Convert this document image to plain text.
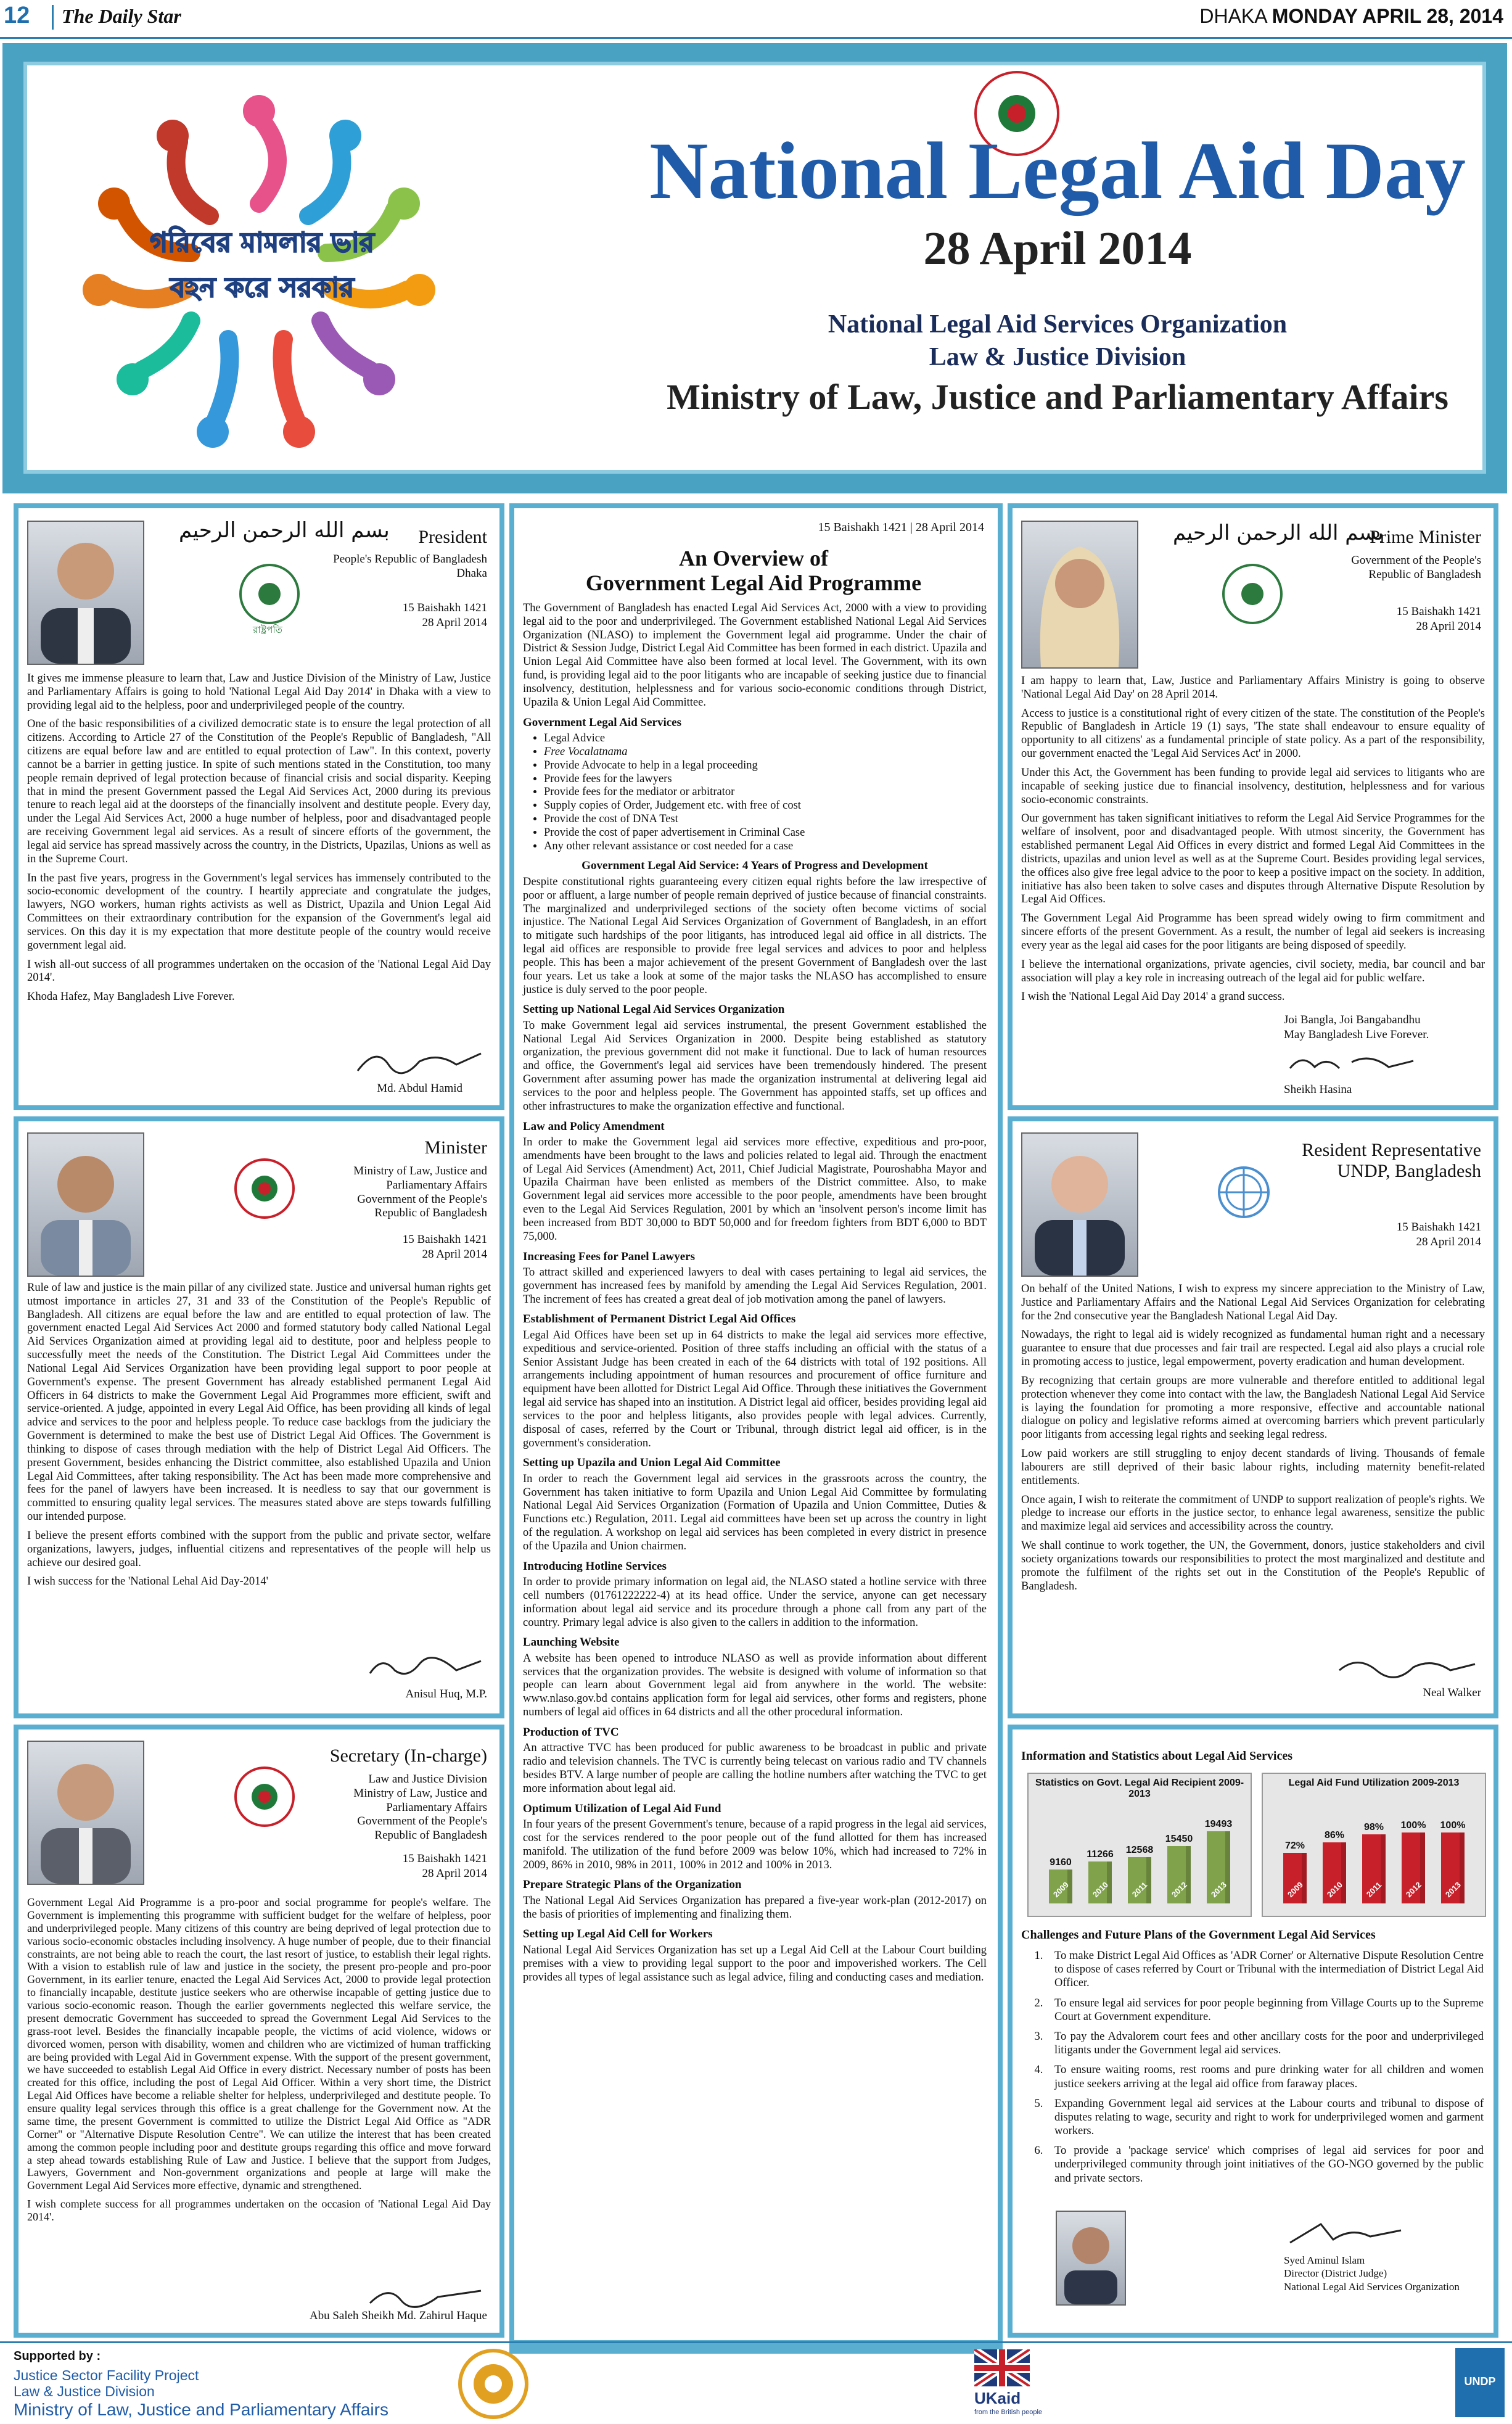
12 The Daily Star	DHAKA MONDAY APRIL 28, 2014
গরিবের মামলার ভার
বহন করে সরকার
National Legal Aid Day
28 April 2014
National Legal Aid Services Organization
Law & Justice Division
Ministry of Law, Justice and Parliamentary Affairs
بسم الله الرحمن الرحيم
রাষ্ট্রপতি
President
People's Republic of Bangladesh
Dhaka
15 Baishakh 1421
28 April 2014

It gives me immense pleasure to learn that, Law and Justice Division of the Ministry of Law, Justice and Parliamentary Affairs is going to hold 'National Legal Aid Day 2014' in Dhaka with a view to providing legal aid to the helpless, poor and underprivileged people of the country.

One of the basic responsibilities of a civilized democratic state is to ensure the legal protection of all citizens. According to Article 27 of the Constitution of the People's Republic of Bangladesh, "All citizens are equal before law and are entitled to equal protection of Law". In this context, poverty cannot be a barrier in getting justice. In spite of such mentions stated in the Constitution, too many people remain deprived of legal protection because of financial crisis and social disparity. Keeping that in mind the present Government passed the Legal Aid Services Act, 2000 during its previous tenure to reach legal aid at the doorsteps of the financially insolvent and destitute people. Every day, under the Legal Aid Services Act, 2000 a huge number of helpless, poor and disadvantaged people are receiving Government legal aid services. As a result of sincere efforts of the government, the legal aid service has spread massively across the country, in the Districts, Upazilas, Unions as well as in the Supreme Court.

In the past five years, progress in the Government's legal services has immensely contributed to the socio-economic development of the country. I heartily appreciate and congratulate the judges, lawyers, NGO workers, human rights activists as well as District, Upazila and Union Legal Aid Committees on their extraordinary contribution for the expansion of the Government's legal aid services. On this day it is my expectation that more destitute people of the country would receive government legal aid.

I wish all-out success of all programmes undertaken on the occasion of the 'National Legal Aid Day 2014'.

Khoda Hafez, May Bangladesh Live Forever.

Md. Abdul Hamid
Minister
Ministry of Law, Justice and
Parliamentary Affairs
Government of the People's
Republic of Bangladesh
15 Baishakh 1421
28 April 2014

Rule of law and justice is the main pillar of any civilized state. Justice and universal human rights get utmost importance in articles 27, 31 and 33 of the Constitution of the People's Republic of Bangladesh. All citizens are equal before the law and are entitled to equal protection of law. The government enacted Legal Aid Services Act 2000 and formed statutory body called National Legal Aid Services Organization aimed at providing legal aid to destitute, poor and helpless people to successfully meet the needs of the Constitution. The District Legal Aid Committees under the National Legal Aid Services Organization have been providing legal support to poor people at Government's expense. The present Government has already established permanent Legal Aid Officers in 64 districts to make the Government Legal Aid Programmes more efficient, swift and service-oriented. A judge, appointed in every Legal Aid Office, has been providing all kinds of legal advice and services to the poor and helpless people. To reduce case backlogs from the judiciary the Government is determined to make the best use of District Legal Aid Offices. The Government is thinking to dispose of cases through mediation with the help of District Legal Aid Officers. The present Government, besides enhancing the District committee, also established Upazila and Union Legal Aid Committees, after taking responsibility. The Act has been made more comprehensive and fees for the panel of lawyers have been increased. It is needless to say that our government is committed to ensuring quality legal services. The measures stated above are steps towards fulfilling our intended purpose.

I believe the present efforts combined with the support from the public and private sector, welfare organizations, lawyers, judges, influential citizens and representatives of the people will help us achieve our desired goal.

I wish success for the 'National Lehal Aid Day-2014'

Anisul Huq, M.P.
Secretary (In-charge)
Law and Justice Division
Ministry of Law, Justice and
Parliamentary Affairs
Government of the People's
Republic of Bangladesh
15 Baishakh 1421
28 April 2014

Government Legal Aid Programme is a pro-poor and social programme for people's welfare. The Government is implementing this programme with sufficient budget for the welfare of helpless, poor and underprivileged people. Many citizens of this country are being deprived of legal protection due to various socio-economic obstacles including insolvency. A huge number of people, due to their financial constraints, are not being able to reach the court, the last resort of justice, to establish their legal rights. With a vision to establish rule of law and justice in the society, the present pro-people and pro-poor Government, in its earlier tenure, enacted the Legal Aid Services Act, 2000 to provide legal protection to financially incapable, destitute justice seekers who are otherwise incapable of getting justice due to various socio-economic reason. Though the earlier governments neglected this welfare service, the present democratic Government has succeeded to spread the Government Legal Aid Services to the grass-root level. Besides the financially incapable people, the victims of acid violence, widows or divorced women, person with disability, women and children who are victimized of human trafficking are being provided with Legal Aid in Government expense. With the support of the present government, we have succeeded to establish Legal Aid Office in every district. Necessary number of posts has been created for this office, including the post of Legal Aid Officer. Within a very short time, the District Legal Aid Offices have become a reliable shelter for helpless, underprivileged and destitute people. To ensure quality legal services through this office is a great challenge for the Government now. At the same time, the present Government is committed to utilize the District Legal Aid Office as "ADR Corner" or "Alternative Dispute Resolution Centre". We can utilize the interest that has been created among the common people including poor and destitute groups regarding this office and move forward a step ahead towards establishing Rule of Law and Justice. I believe that the support from Judges, Lawyers, Government and Non-government organizations and people at large will make the Government Legal Aid Services more effective, dynamic and strengthened.

I wish complete success for all programmes undertaken on the occasion of 'National Legal Aid Day 2014'.

Abu Saleh Sheikh Md. Zahirul Haque
15 Baishakh 1421 | 28 April 2014
An Overview of
Government Legal Aid Programme

The Government of Bangladesh has enacted Legal Aid Services Act, 2000 with a view to providing legal aid to the poor and underprivileged. The Government established National Legal Aid Services Organization (NLASO) to implement the Government legal aid programme. Under the chair of District & Session Judge, District Legal Aid Committee has been formed in each district. Upazila and Union Legal Aid Committee have also been formed at local level. The Government, with its own fund, is providing legal aid to the poor litigants who are incapable of seeking justice due to financial insolvency, destitution, helplessness and for various socio-economic conditions through District, Upazila & Union Legal Aid Committee.

Government Legal Aid Services
• Legal Advice
• Free Vocalatnama
• Provide Advocate to help in a legal proceeding
• Provide fees for the lawyers
• Provide fees for the mediator or arbitrator
• Supply copies of Order, Judgement etc. with free of cost
• Provide the cost of DNA Test
• Provide the cost of paper advertisement in Criminal Case
• Any other relevant assistance or cost needed for a case
Government Legal Aid Service: 4 Years of Progress and Development

Despite constitutional rights guaranteeing every citizen equal rights before the law irrespective of poor or affluent, a large number of people remain deprived of justice because of financial constraints. The marginalized and underprivileged sections of the society often become victims of social injustice. The National Legal Aid Services Organization of Government of Bangladesh, in an effort to mitigate such hardships of the poor litigants, has introduced legal aid office in all districts. The legal aid offices are responsible to provide free legal services and advices to poor and helpless people. This has been a major achievement of the present Government of Bangladesh over the last four years. Let us take a look at some of the major tasks the NLASO has accomplished to ensure justice is duly served to the poor people.

Setting up National Legal Aid Services Organization

To make Government legal aid services instrumental, the present Government established the National Legal Aid Services Organization in 2000. Despite being established as statutory organization, the previous government did not make it functional. Due to lack of human resources and office, the Government's legal aid services have been tremendously hindered. The present Government after assuming power has made the organization instrumental at delivering legal aid services to the poor and helpless people. The Government has appointed staffs, set up offices and other infrastructures to make the organization effective and functional.

Law and Policy Amendment

In order to make the Government legal aid services more effective, expeditious and pro-poor, amendments have been brought to the laws and policies related to legal aid. Through the enactment of Legal Aid Services (Amendment) Act, 2011, Chief Judicial Magistrate, Pouroshabha Mayor and Upazila Chairman have been enlisted as members of the District committee. Also, to make Government legal aid services more accessible to the poor people, amendments have been brought even to the Legal Aid Services Regulation, 2001 by which an 'insolvent person's income limit has been increased from BDT 30,000 to BDT 50,000 and for freedom fighters from BDT 6,000 to BDT 75,000.

Increasing Fees for Panel Lawyers

To attract skilled and experienced lawyers to deal with cases pertaining to legal aid services, the government has increased fees by manifold by amending the Legal Aid Services Regulation, 2001. The increment of fees has created a great deal of job motivation among the panel of lawyers.

Establishment of Permanent District Legal Aid Offices

Legal Aid Offices have been set up in 64 districts to make the legal aid services more effective, expeditious and service-oriented. Position of three staffs including an official with the status of a Senior Assistant Judge has been created in each of the 64 districts with total of 192 positions. All arrangements including appointment of human resources and procurement of office furniture and equipment have been allotted for District Legal Aid Office. Through these initiatives the Government legal aid service has shaped into an institution. A District legal aid officer, besides providing legal aid services to the poor and helpless litigants, also provides people with legal advices. Currently, disposal of cases, referred by the Court or Tribunal, through district legal aid officer, is in the government's consideration.

Setting up Upazila and Union Legal Aid Committee

In order to reach the Government legal aid services in the grassroots across the country, the Government has taken initiative to form Upazila and Union Legal Aid Committee by formulating National Legal Aid Services Organization (Formation of Upazila and Union Committee, Duties & Functions etc.) Regulation, 2011. Legal aid committees have been set up across the country in light of the regulation. A workshop on legal aid services has been completed in every district in presence of the Upazila and Union chairmen.

Introducing Hotline Services

In order to provide primary information on legal aid, the NLASO stated a hotline service with three cell numbers (01761222222-4) at its head office. Under the service, anyone can get necessary information about legal aid service and its procedure through a phone call from any part of the country. Primary legal advice is also given to the callers in addition to the information.

Launching Website

A website has been opened to introduce NLASO as well as provide information about different services that the organization provides. The website is designed with volume of information so that people can learn about Government legal aid from anywhere in the world. The website: www.nlaso.gov.bd contains application form for legal aid services, other forms and registers, phone numbers of legal aid offices in 64 districts and all the other procedural information.

Production of TVC

An attractive TVC has been produced for public awareness to be broadcast in public and private radio and television channels. The TVC is currently being telecast on various radio and TV channels besides BTV. A large number of people are calling the hotline numbers after watching the TVC to get more information about legal aid.

Optimum Utilization of Legal Aid Fund

In four years of the present Government's tenure, because of a rapid progress in the legal aid services, cost for the services rendered to the poor people out of the fund allotted for them has increased manifold. The utilization of the fund before 2009 was below 10%, which had increased to 72% in 2009, 86% in 2010, 98% in 2011, 100% in 2012 and 100% in 2013.

Prepare Strategic Plans of the Organization

The National Legal Aid Services Organization has prepared a five-year work-plan (2012-2017) on the basis of priorities of implementing and finalizing them.

Setting up Legal Aid Cell for Workers

National Legal Aid Services Organization has set up a Legal Aid Cell at the Labour Court building premises with a view to providing legal support to the poor and impoverished workers. The Cell provides all types of legal assistance such as legal advice, filing and conducting cases and mediation.

بسم الله الرحمن الرحيم
Prime Minister
Government of the People's
Republic of Bangladesh
15 Baishakh 1421
28 April 2014

I am happy to learn that, Law, Justice and Parliamentary Affairs Ministry is going to observe 'National Legal Aid Day' on 28 April 2014.

Access to justice is a constitutional right of every citizen of the state. The constitution of the People's Republic of Bangladesh in Article 19 (1) says, 'The state shall endeavour to ensure equality of opportunity to all citizens' as a fundamental principle of state policy. As a part of the responsibility, our government enacted the 'Legal Aid Services Act' in 2000.

Under this Act, the Government has been funding to provide legal aid services to litigants who are incapable of seeking justice due to financial insolvency, destitution, helplessness and for various socio-economic constraints.

Our government has taken significant initiatives to reform the Legal Aid Service Programmes for the welfare of insolvent, poor and disadvantaged people. With utmost sincerity, the Government has established permanent Legal Aid Offices in every district and formed Legal Aid Committees in the districts, upazilas and union level as well as at the Supreme Court. Besides providing legal services, the offices also give free legal advice to the poor to keep a positive impact on the society. In addition, initiative has also been taken to solve cases and disputes through Alternative Dispute Resolution by Legal Aid Offices.

The Government Legal Aid Programme has been spread widely owing to firm commitment and sincere efforts of the present Government. As a result, the number of legal aid seekers is increasing every year as the legal aid cases for the poor litigants are being disposed of speedily.

I believe the international organizations, private agencies, civil society, media, bar council and bar association will play a key role in increasing outreach of the legal aid for public welfare.

I wish the 'National Legal Aid Day 2014' a grand success.

Joi Bangla, Joi Bangabandhu
May Bangladesh Live Forever.
Sheikh Hasina
Resident Representative
UNDP, Bangladesh
15 Baishakh 1421
28 April 2014

On behalf of the United Nations, I wish to express my sincere appreciation to the Ministry of Law, Justice and Parliamentary Affairs and the National Legal Aid Services Organization for celebrating for the 2nd consecutive year the Bangladesh National Legal Aid Day.

Nowadays, the right to legal aid is widely recognized as fundamental human right and a necessary guarantee to ensure that due processes and fair trail are respected. Legal aid also plays a crucial role in promoting access to justice, legal empowerment, poverty eradication and human development.

By recognizing that certain groups are more vulnerable and therefore entitled to additional legal protection whenever they come into contact with the law, the Bangladesh National Legal Aid Service is laying the foundation for promoting a more responsive, effective and accountable national dialogue on policy and legislative reforms aimed at overcoming barriers which prevent particularly poor litigants from accessing legal rights and seeking legal redress.

Low paid workers are still struggling to enjoy decent standards of living. Thousands of female labourers are still deprived of their basic labour rights, including maternity benefit-related entitlements.

Once again, I wish to reiterate the commitment of UNDP to support realization of people's rights. We pledge to increase our efforts in the justice sector, to enhance legal awareness, sensitize the public and maximize legal aid services and accessibility across the country.

We shall continue to work together, the UN, the Government, donors, justice stakeholders and civil society organizations towards our responsibilities to protect the most marginalized and destitute and promote the fulfilment of the rights set out in the Constitution of the People's Republic of Bangladesh.

Neal Walker
Information and Statistics about Legal Aid Services
Statistics on Govt. Legal Aid Recipient 2009-2013
9160
2009
11266
2010
12568
2011
15450
2012
19493
2013
Legal Aid Fund Utilization 2009-2013
72%
2009
86%
2010
98%
2011
100%
2012
100%
2013
Challenges and Future Plans of the Government Legal Aid Services
1. To make District Legal Aid Offices as 'ADR Corner' or Alternative Dispute Resolution Centre to dispose of cases referred by Court or Tribunal with the intermediation of District Legal Aid Officer.
2. To ensure legal aid services for poor people beginning from Village Courts up to the Supreme Court at Government expenditure.
3. To pay the Advalorem court fees and other ancillary costs for the poor and underprivileged litigants under the Government legal aid services.
4. To ensure waiting rooms, rest rooms and pure drinking water for all children and women justice seekers arriving at the legal aid office from faraway places.
5. Expanding Government legal aid services at the Labour courts and tribunal to dispose of disputes relating to wage, security and right to work for underprivileged women and garment workers.
6. To provide a 'package service' which comprises of legal aid services for poor and underprivileged community through joint initiatives of the GO-NGO governed by the public and private sectors.
Syed Aminul Islam
Director (District Judge)
National Legal Aid Services Organization
Supported by :
Justice Sector Facility Project
Law & Justice Division
Ministry of Law, Justice and Parliamentary Affairs
UKaid
from the British people
UNDP
